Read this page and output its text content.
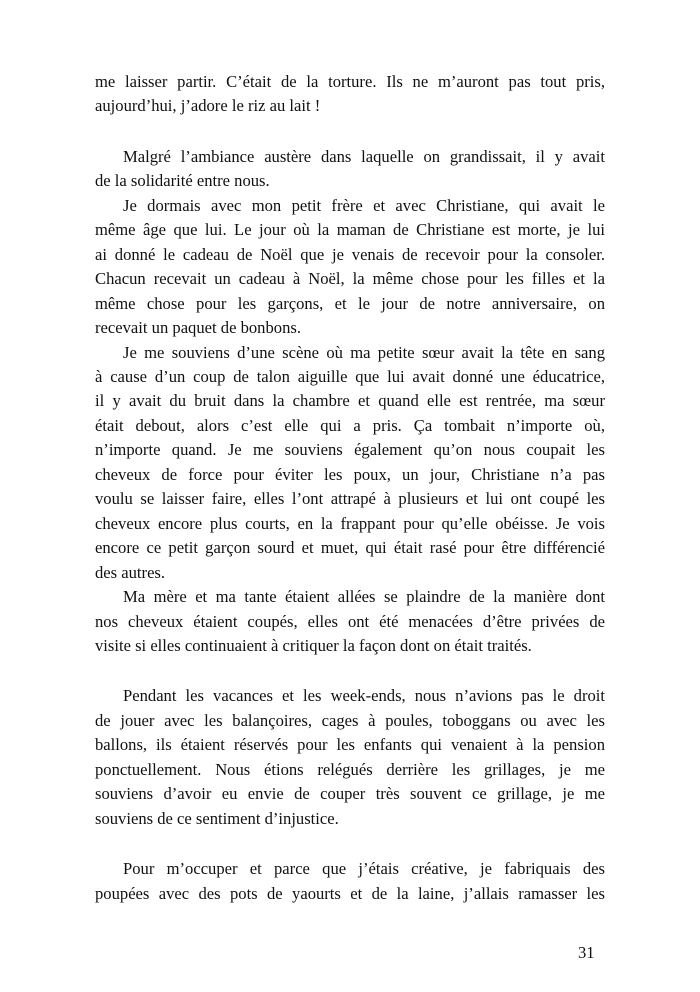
me laisser partir. C’était de la torture. Ils ne m’auront pas tout pris,
aujourd’hui, j’adore le riz au lait !

Malgré l’ambiance austère dans laquelle on grandissait, il y avait
de la solidarité entre nous.

Je dormais avec mon petit frère et avec Christiane, qui avait le
même âge que lui. Le jour où la maman de Christiane est morte, je lui
ai donné le cadeau de Noël que je venais de recevoir pour la consoler.
Chacun recevait un cadeau à Noël, la même chose pour les filles et la
même chose pour les garçons, et le jour de notre anniversaire, on
recevait un paquet de bonbons.

Je me souviens d’une scène où ma petite sœur avait la tête en sang
à cause d’un coup de talon aiguille que lui avait donné une éducatrice,
il y avait du bruit dans la chambre et quand elle est rentrée, ma sœur
était debout, alors c’est elle qui a pris. Ça tombait n’importe où,
n’importe quand. Je me souviens également qu’on nous coupait les
cheveux de force pour éviter les poux, un jour, Christiane n’a pas
voulu se laisser faire, elles l’ont attrapé à plusieurs et lui ont coupé les
cheveux encore plus courts, en la frappant pour qu’elle obéisse. Je vois
encore ce petit garçon sourd et muet, qui était rasé pour être différencié
des autres.

Ma mère et ma tante étaient allées se plaindre de la manière dont
nos cheveux étaient coupés, elles ont été menacées d’être privées de
visite si elles continuaient à critiquer la façon dont on était traités.

Pendant les vacances et les week-ends, nous n’avions pas le droit
de jouer avec les balançoires, cages à poules, toboggans ou avec les
ballons, ils étaient réservés pour les enfants qui venaient à la pension
ponctuellement. Nous étions relégués derrière les grillages, je me
souviens d’avoir eu envie de couper très souvent ce grillage, je me
souviens de ce sentiment d’injustice.

Pour m’occuper et parce que j’étais créative, je fabriquais des
poupées avec des pots de yaourts et de la laine, j’allais ramasser les

31
